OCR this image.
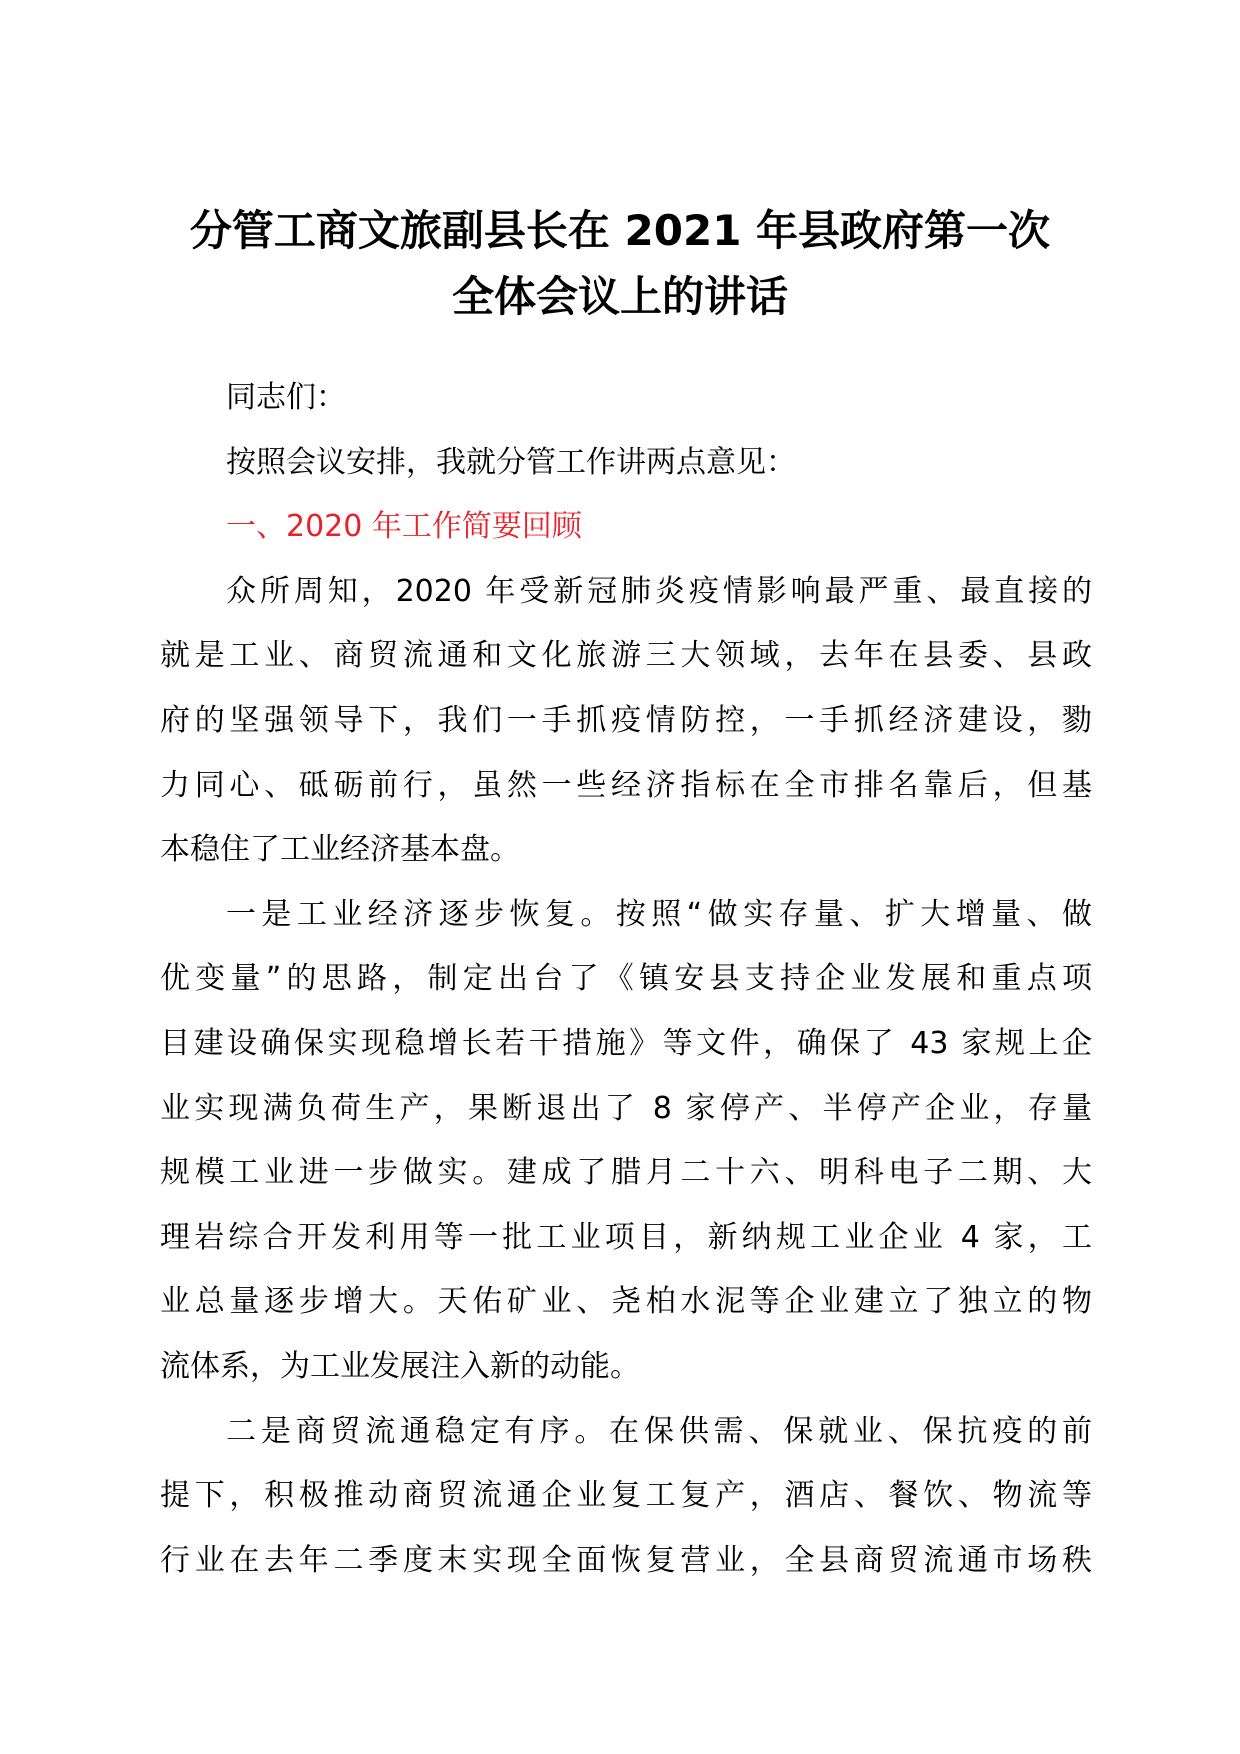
分管工商文旅副县长在 2021 年县政府第一次
全体会议上的讲话

同志们：

按照会议安排，我就分管工作讲两点意见：

一、2020 年工作简要回顾

众所周知，2020 年受新冠肺炎疫情影响最严重、最直接的
就是工业、商贸流通和文化旅游三大领域，去年在县委、县政
府的坚强领导下，我们一手抓疫情防控，一手抓经济建设，勠
力同心、砥砺前行，虽然一些经济指标在全市排名靠后，但基
本稳住了工业经济基本盘。

一是工业经济逐步恢复。按照“做实存量、扩大增量、做
优变量”的思路，制定出台了《镇安县支持企业发展和重点项
目建设确保实现稳增长若干措施》等文件，确保了 43 家规上企
业实现满负荷生产，果断退出了 8 家停产、半停产企业，存量
规模工业进一步做实。建成了腊月二十六、明科电子二期、大
理岩综合开发利用等一批工业项目，新纳规工业企业 4 家，工
业总量逐步增大。天佑矿业、尧柏水泥等企业建立了独立的物
流体系，为工业发展注入新的动能。

二是商贸流通稳定有序。在保供需、保就业、保抗疫的前
提下，积极推动商贸流通企业复工复产，酒店、餐饮、物流等
行业在去年二季度末实现全面恢复营业，全县商贸流通市场秩
